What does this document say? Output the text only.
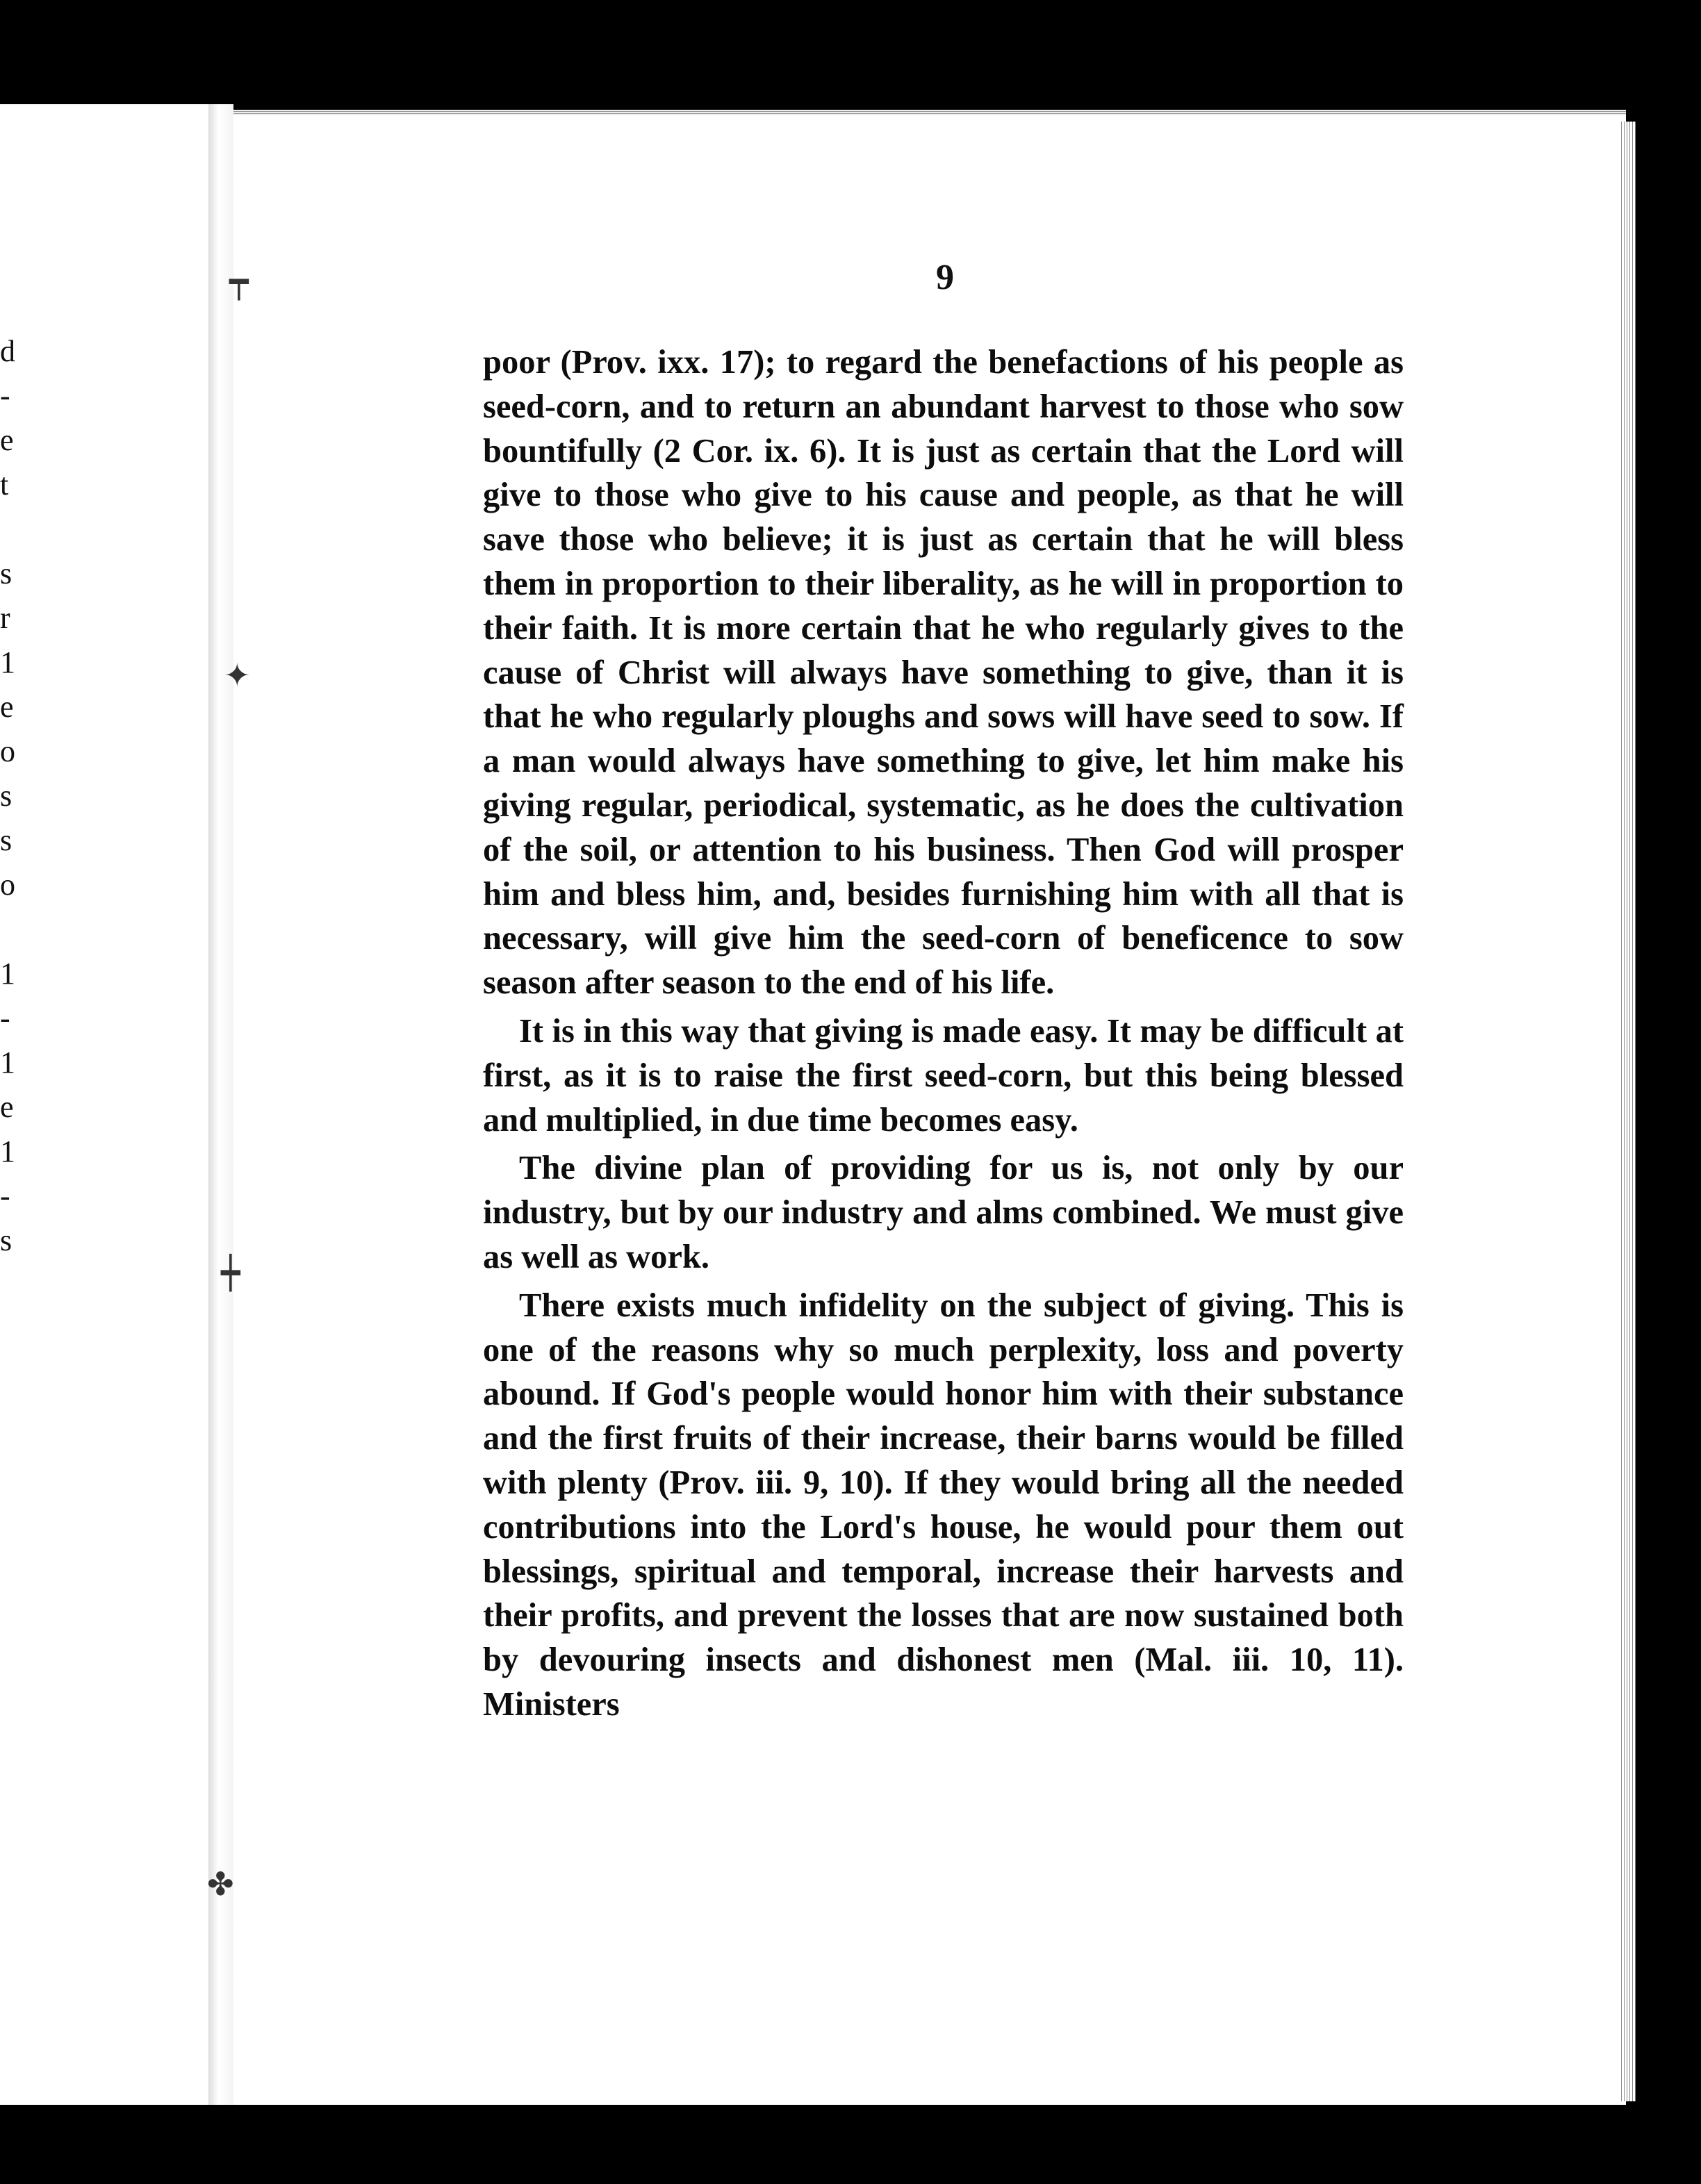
┯
✦
┿
✤
d
-
e
t
s
r
1
e
o
s
s
o
1
-
1
e
1
-
s
9

poor (Prov. ixx. 17); to regard the benefactions of his people as seed-corn, and to return an abundant harvest to those who sow bountifully (2 Cor. ix. 6). It is just as certain that the Lord will give to those who give to his cause and people, as that he will save those who believe; it is just as certain that he will bless them in proportion to their liberality, as he will in proportion to their faith. It is more certain that he who regularly gives to the cause of Christ will always have something to give, than it is that he who regularly ploughs and sows will have seed to sow. If a man would always have something to give, let him make his giving regular, periodical, systematic, as he does the cultivation of the soil, or attention to his business. Then God will prosper him and bless him, and, besides furnishing him with all that is necessary, will give him the seed-corn of beneficence to sow season after season to the end of his life.

It is in this way that giving is made easy. It may be difficult at first, as it is to raise the first seed-corn, but this being blessed and multiplied, in due time becomes easy.

The divine plan of providing for us is, not only by our industry, but by our industry and alms combined. We must give as well as work.

There exists much infidelity on the subject of giving. This is one of the reasons why so much perplexity, loss and poverty abound. If God's people would honor him with their substance and the first fruits of their increase, their barns would be filled with plenty (Prov. iii. 9, 10). If they would bring all the needed contributions into the Lord's house, he would pour them out blessings, spiritual and temporal, increase their harvests and their profits, and prevent the losses that are now sustained both by devouring insects and dishonest men (Mal. iii. 10, 11). Ministers
